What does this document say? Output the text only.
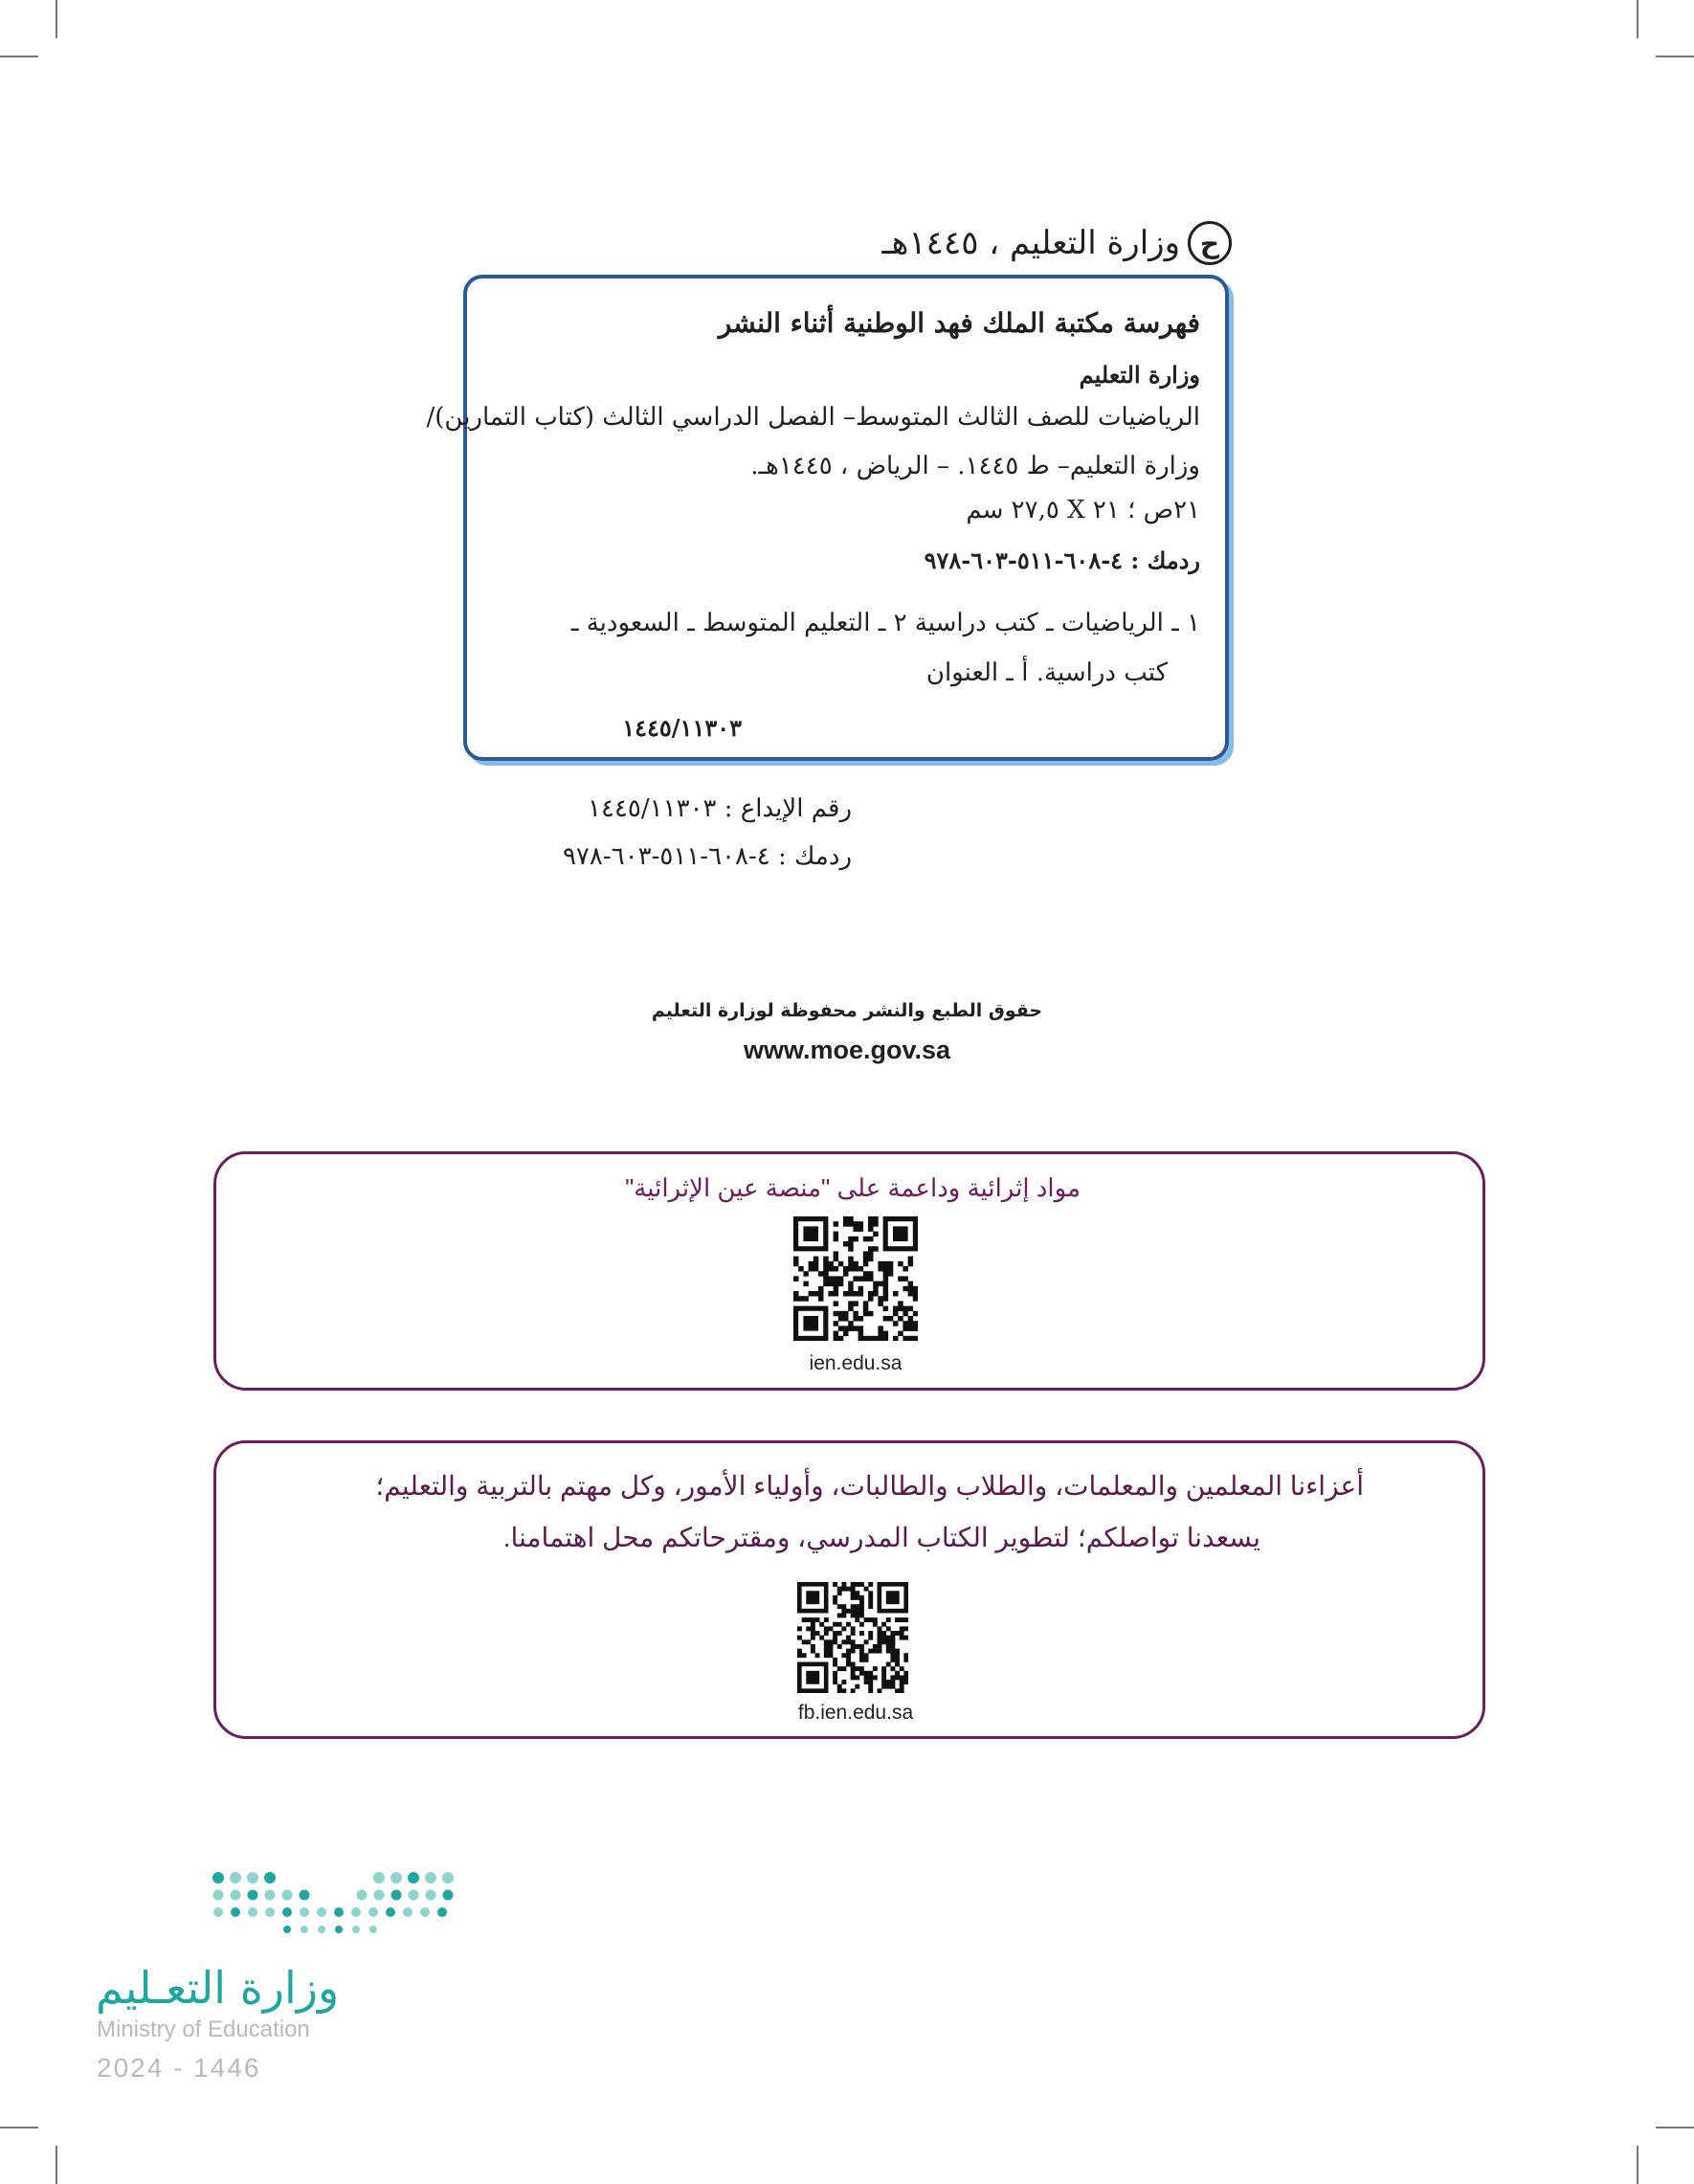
ح
وزارة التعليم ، ١٤٤٥هـ
فهرسة مكتبة الملك فهد الوطنية أثناء النشر
وزارة التعليم
الرياضيات للصف الثالث المتوسط– الفصل الدراسي الثالث (كتاب التمارين)/
وزارة التعليم– ط ١٤٤٥. – الرياض ، ١٤٤٥هـ.
٢١ص ؛ ٢١ X ٢٧,٥ سم
ردمك : ٤-٦٠٨-٥١١-٦٠٣-٩٧٨
١ ـ الرياضيات ـ كتب دراسية ٢ ـ التعليم المتوسط ـ السعودية ـ
كتب دراسية. أ ـ العنوان
١٤٤٥/١١٣٠٣
رقم الإيداع : ١٤٤٥/١١٣٠٣
ردمك : ٤-٦٠٨-٥١١-٦٠٣-٩٧٨
حقوق الطبع والنشر محفوظة لوزارة التعليم
www.moe.gov.sa
مواد إثرائية وداعمة على "منصة عين الإثرائية"
ien.edu.sa
أعزاءنا المعلمين والمعلمات، والطلاب والطالبات، وأولياء الأمور، وكل مهتم بالتربية والتعليم؛
يسعدنا تواصلكم؛ لتطوير الكتاب المدرسي، ومقترحاتكم محل اهتمامنا.
fb.ien.edu.sa
وزارة التعـليم
Ministry of Education
2024 - 1446
